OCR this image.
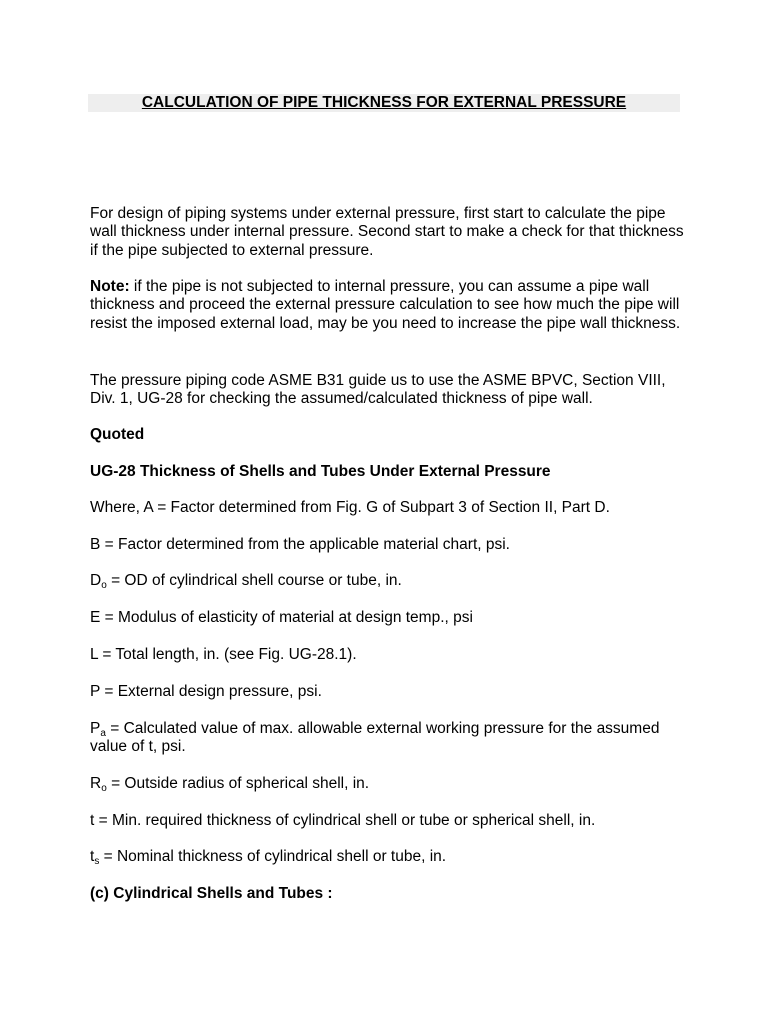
CALCULATION OF PIPE THICKNESS FOR EXTERNAL PRESSURE

For design of piping systems under external pressure, first start to calculate the pipe wall thickness under internal pressure. Second start to make a check for that thickness if the pipe subjected to external pressure.

Note: if the pipe is not subjected to internal pressure, you can assume a pipe wall thickness and proceed the external pressure calculation to see how much the pipe will resist the imposed external load, may be you need to increase the pipe wall thickness.

The pressure piping code ASME B31 guide us to use the ASME BPVC, Section VIII, Div. 1, UG-28 for checking the assumed/calculated thickness of pipe wall.

Quoted

UG-28 Thickness of Shells and Tubes Under External Pressure

Where, A = Factor determined from Fig. G of Subpart 3 of Section II, Part D.

B = Factor determined from the applicable material chart, psi.

$D_o$ = OD of cylindrical shell course or tube, in.

E = Modulus of elasticity of material at design temp., psi

L = Total length, in. (see Fig. UG-28.1).

P = External design pressure, psi.

$P_a$ = Calculated value of max. allowable external working pressure for the assumed value of t, psi.

$R_o$ = Outside radius of spherical shell, in.

t = Min. required thickness of cylindrical shell or tube or spherical shell, in.

$t_s$ = Nominal thickness of cylindrical shell or tube, in.

(c) Cylindrical Shells and Tubes :
